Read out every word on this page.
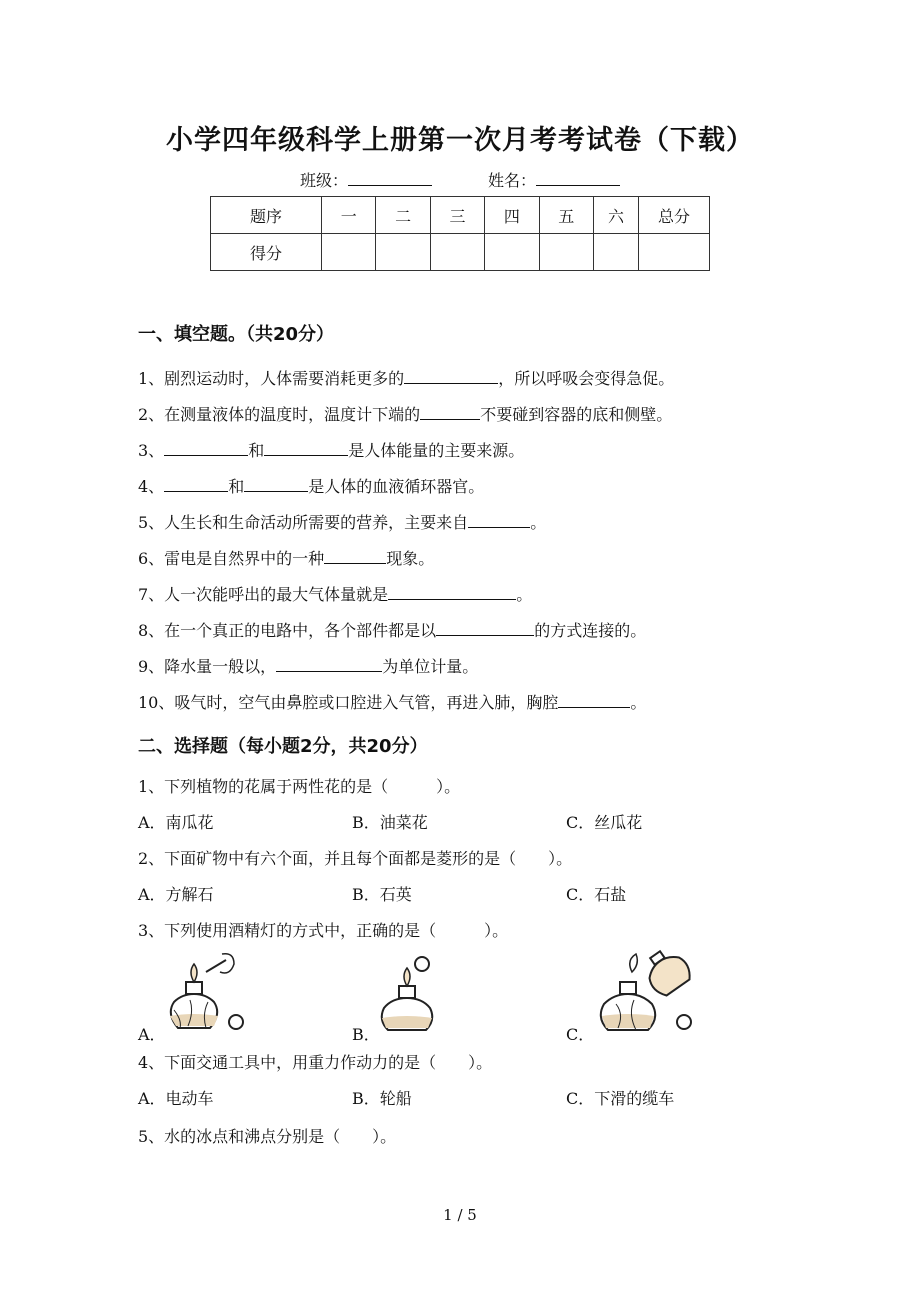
小学四年级科学上册第一次月考考试卷（下载）
班级：	姓名：
题序	一	二	三	四	五	六	总分
得分							
一、填空题。（共20分）
1、剧烈运动时，人体需要消耗更多的	，所以呼吸会变得急促。
2、在测量液体的温度时，温度计下端的	不要碰到容器的底和侧壁。
3、	和	是人体能量的主要来源。
4、	和	是人体的血液循环器官。
5、人生长和生命活动所需要的营养，主要来自	。
6、雷电是自然界中的一种	现象。
7、人一次能呼出的最大气体量就是	。
8、在一个真正的电路中，各个部件都是以	的方式连接的。
9、降水量一般以，	为单位计量。
10、吸气时，空气由鼻腔或口腔进入气管，再进入肺，胸腔	。
二、选择题（每小题2分，共20分）
1、下列植物的花属于两性花的是（　　　）。
A．南瓜花	B．油菜花	C．丝瓜花
2、下面矿物中有六个面，并且每个面都是菱形的是（　　）。
A．方解石	B．石英	C．石盐
3、下列使用酒精灯的方式中，正确的是（　　　）。
A．	B．	C．
4、下面交通工具中，用重力作动力的是（　　）。
A．电动车	B．轮船	C．下滑的缆车
5、水的冰点和沸点分别是（　　）。
1 / 5
